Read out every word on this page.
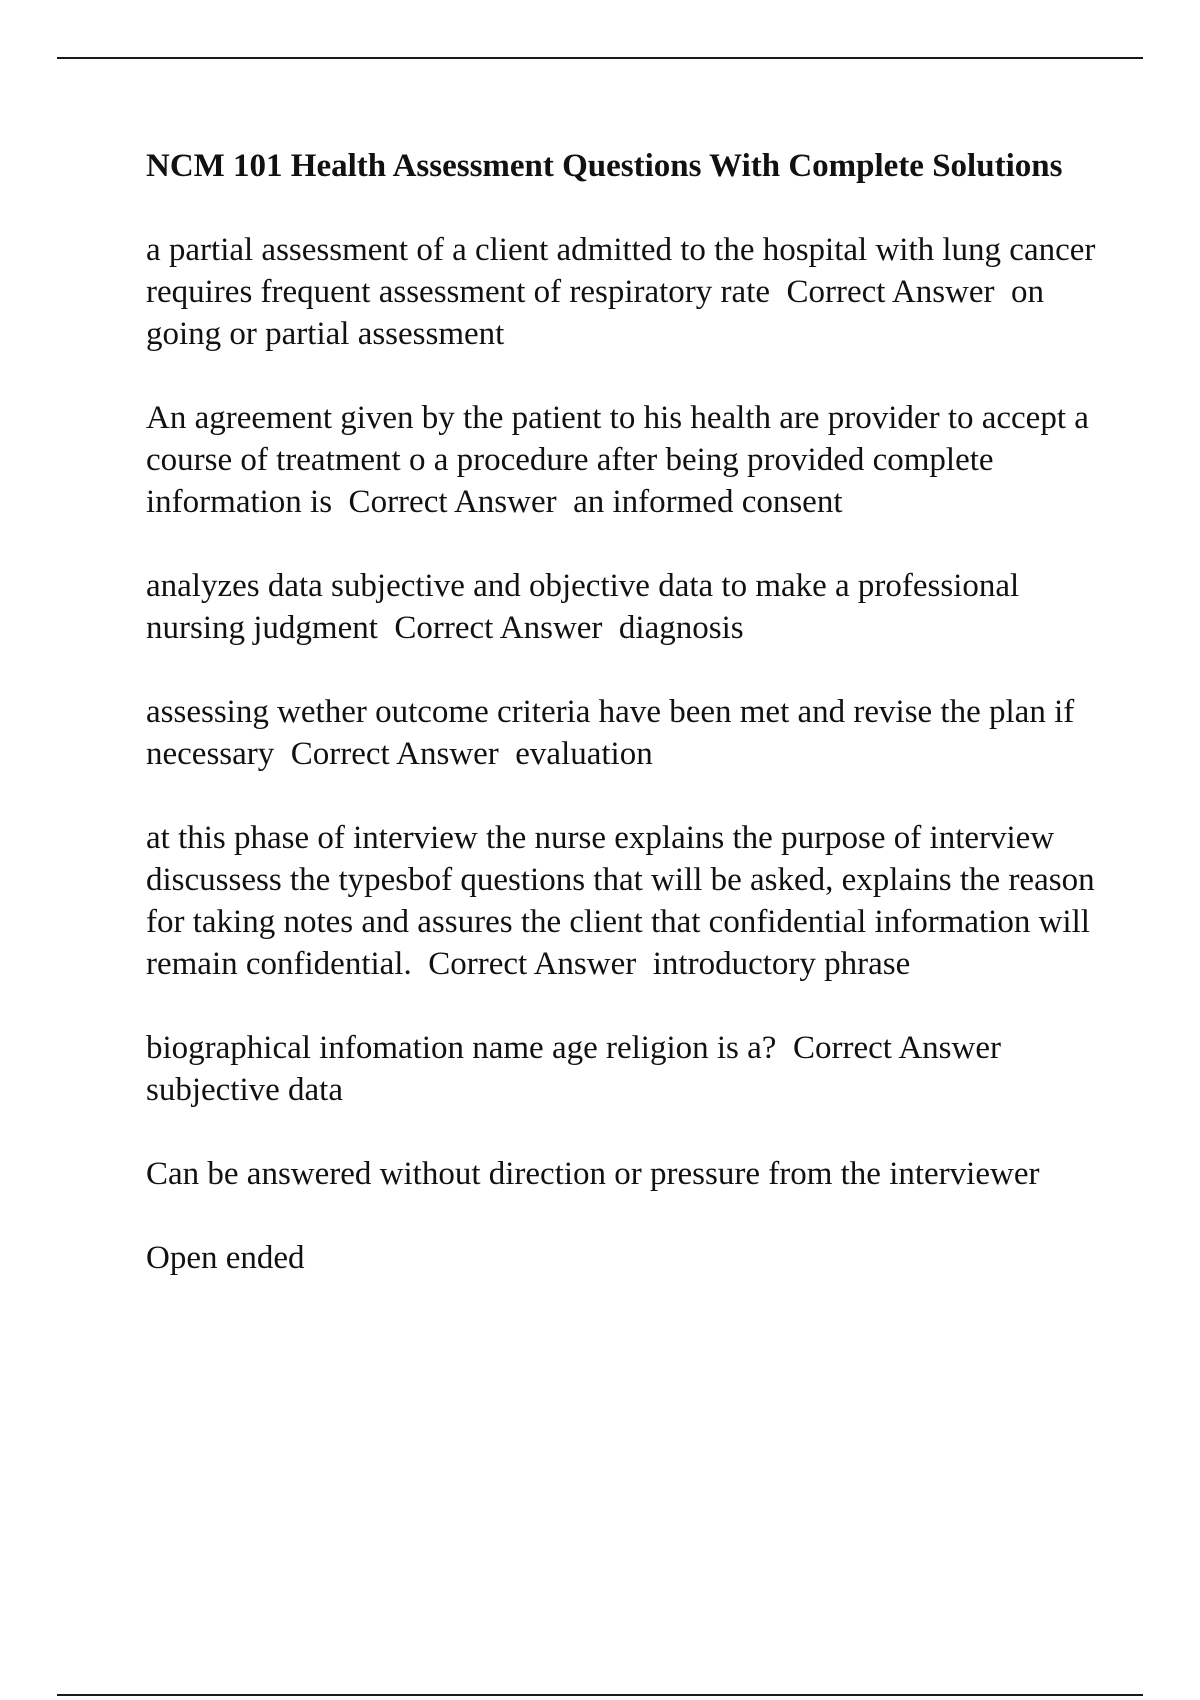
NCM 101 Health Assessment Questions With Complete Solutions

a partial assessment of a client admitted to the hospital with lung cancer requires frequent assessment of respiratory rate  Correct Answer  on going or partial assessment

An agreement given by the patient to his health are provider to accept a course of treatment o a procedure after being provided complete information is  Correct Answer  an informed consent

analyzes data subjective and objective data to make a professional nursing judgment  Correct Answer  diagnosis

assessing wether outcome criteria have been met and revise the plan if necessary  Correct Answer  evaluation

at this phase of interview the nurse explains the purpose of interview discussess the typesbof questions that will be asked, explains the reason for taking notes and assures the client that confidential information will remain confidential.  Correct Answer  introductory phrase

biographical infomation name age religion is a?  Correct Answer  subjective data

Can be answered without direction or pressure from the interviewer

Open ended
